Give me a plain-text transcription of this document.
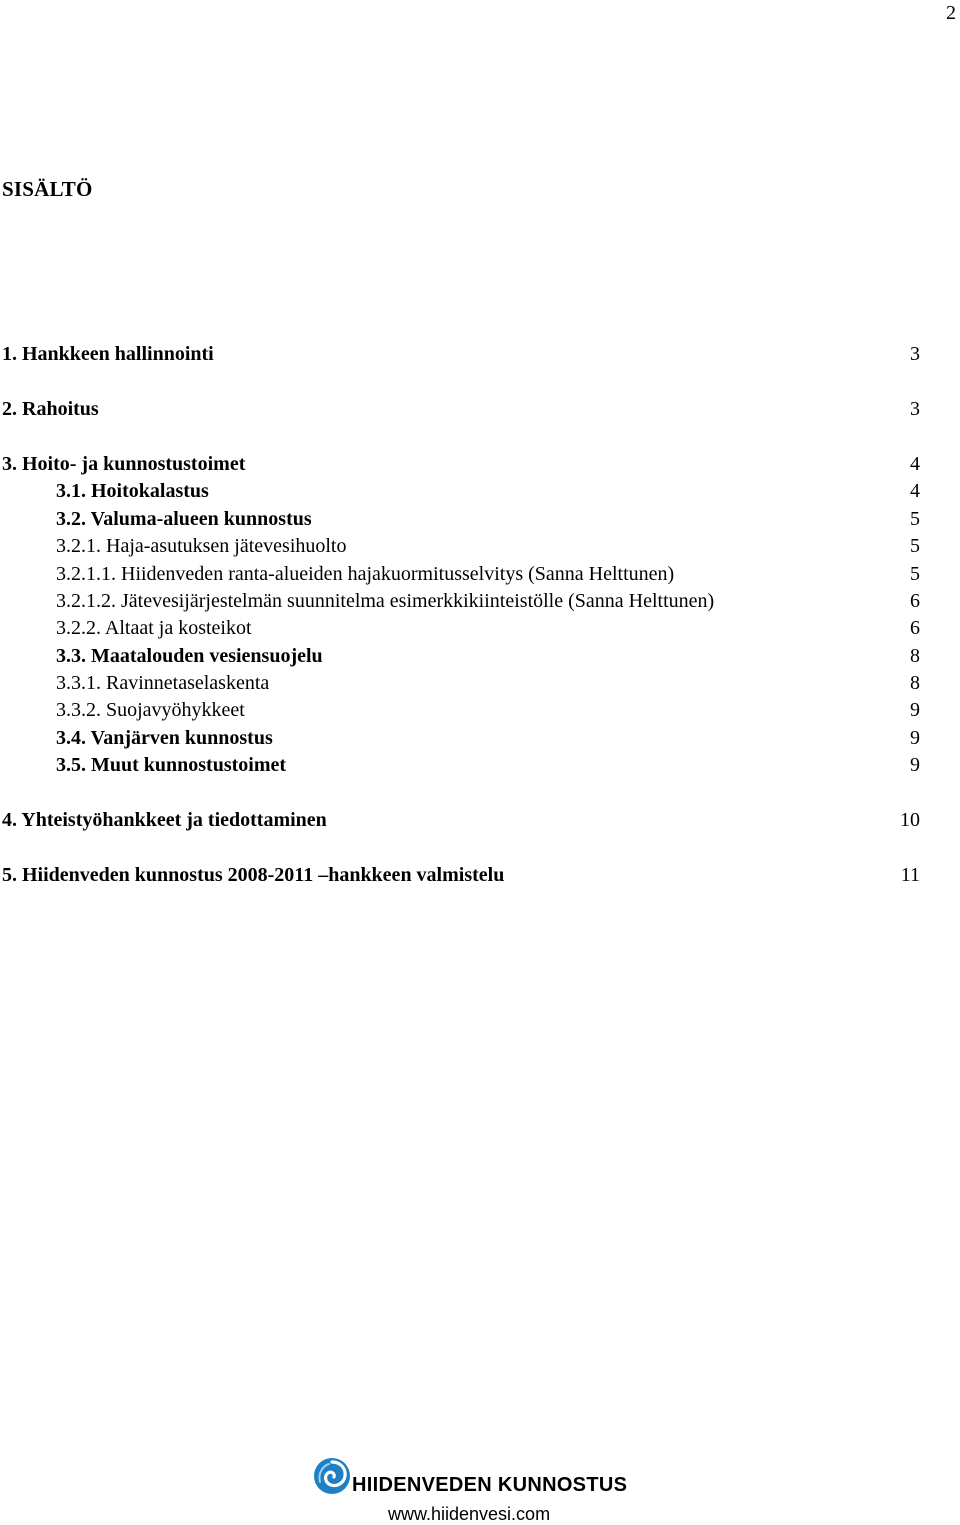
2
SISÄLTÖ
1. Hankkeen hallinnointi	3
2. Rahoitus	3
3. Hoito- ja kunnostustoimet	4
3.1. Hoitokalastus	4
3.2. Valuma-alueen kunnostus	5
3.2.1. Haja-asutuksen jätevesihuolto	5
3.2.1.1. Hiidenveden ranta-alueiden hajakuormitusselvitys (Sanna Helttunen)	5
3.2.1.2. Jätevesijärjestelmän suunnitelma esimerkkikiinteistölle (Sanna Helttunen)	6
3.2.2. Altaat ja kosteikot	6
3.3. Maatalouden vesiensuojelu	8
3.3.1. Ravinnetaselaskenta	8
3.3.2. Suojavyöhykkeet	9
3.4. Vanjärven kunnostus	9
3.5. Muut kunnostustoimet	9
4. Yhteistyöhankkeet ja tiedottaminen	10
5. Hiidenveden kunnostus 2008-2011 –hankkeen valmistelu	11
HIIDENVEDEN KUNNOSTUS
www.hiidenvesi.com
